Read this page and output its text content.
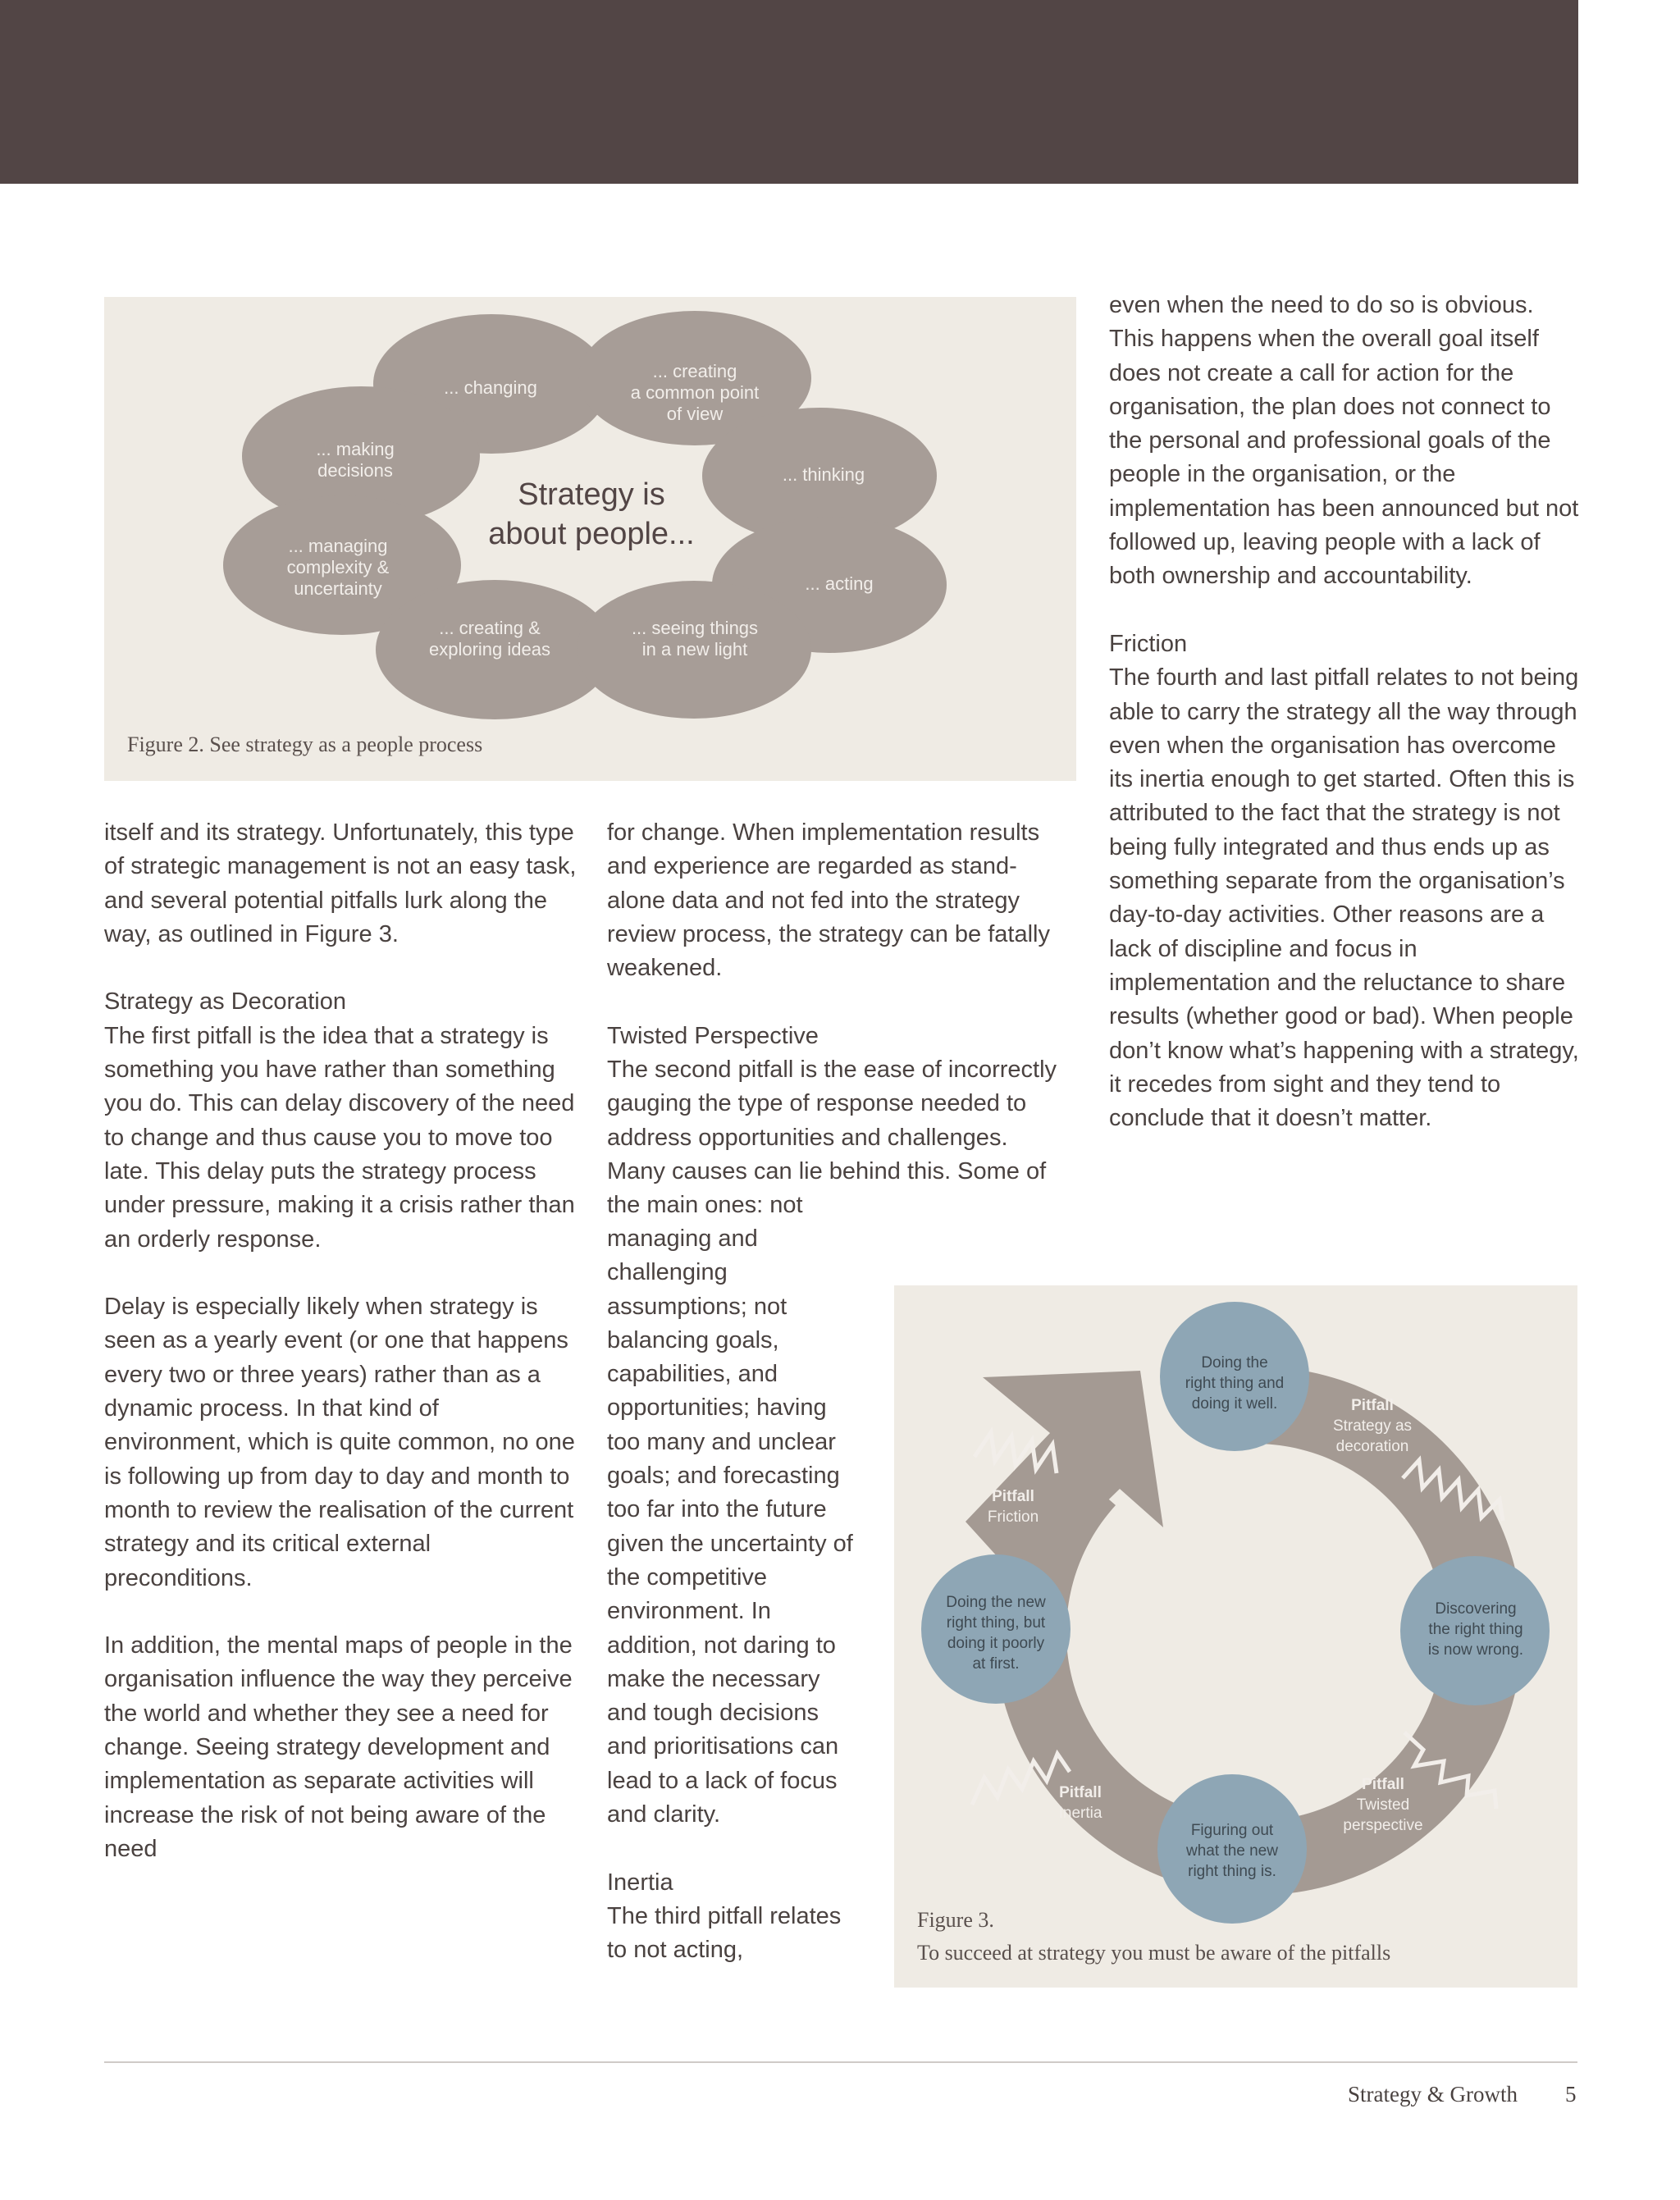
... changing
... creating a common point of view
... making decisions	... thinking
... managing complexity & uncertainty	... acting
... creating & exploring ideas
... seeing things in a new light
Strategy is about people...
Figure 2. See strategy as a people process

itself and its strategy. Unfortunately, this type of strategic management is not an easy task, and several potential pitfalls lurk along the way, as outlined in Figure 3.

Strategy as Decoration

The first pitfall is the idea that a strategy is something you have rather than something you do. This can delay discovery of the need to change and thus cause you to move too late. This delay puts the strategy process under pressure, making it a crisis rather than an orderly response.

Delay is especially likely when strategy is seen as a yearly event (or one that happens every two or three years) rather than as a dynamic process. In that kind of environment, which is quite common, no one is following up from day to day and month to month to review the realisation of the current strategy and its critical external preconditions.

In addition, the mental maps of people in the organisation influence the way they perceive the world and whether they see a need for change. Seeing strategy development and implementation as separate activities will increase the risk of not being aware of the need

for change. When implementation results and experience are regarded as stand-alone data and not fed into the strategy review process, the strategy can be fatally weakened.

Twisted Perspective

The second pitfall is the ease of incorrectly gauging the type of response needed to address opportunities and challenges. Many causes can lie behind this. Some of the main ones: not

managing and challenging assumptions; not balancing goals, capabilities, and opportunities; having too many and unclear goals; and forecasting too far into the future given the uncertainty of the competitive environment. In addition, not daring to make the necessary and tough decisions and prioritisations can lead to a lack of focus and clarity.

Inertia

The third pitfall relates to not acting,

even when the need to do so is obvious. This happens when the overall goal itself does not create a call for action for the organisation, the plan does not connect to the personal and professional goals of the people in the organisation, or the implementation has been announced but not followed up, leaving people with a lack of both ownership and accountability.

Friction

The fourth and last pitfall relates to not being able to carry the strategy all the way through even when the organisation has overcome its inertia enough to get started. Often this is attributed to the fact that the strategy is not being fully integrated and thus ends up as something separate from the organisation’s day-to-day activities. Other reasons are a lack of discipline and focus in implementation and the reluctance to share results (whether good or bad). When people don’t know what’s happening with a strategy, it recedes from sight and they tend to conclude that it doesn’t matter.

Doing the right thing and doing it well.
Discovering the right thing is now wrong.
Figuring out what the new right thing is.
Doing the new right thing, but doing it poorly at first.
Pitfall
Strategy as decoration
Pitfall
Twisted perspective
Pitfall
Inertia
Pitfall
Friction
Figure 3.
To succeed at strategy you must be aware of the pitfalls
Strategy & Growth 5
